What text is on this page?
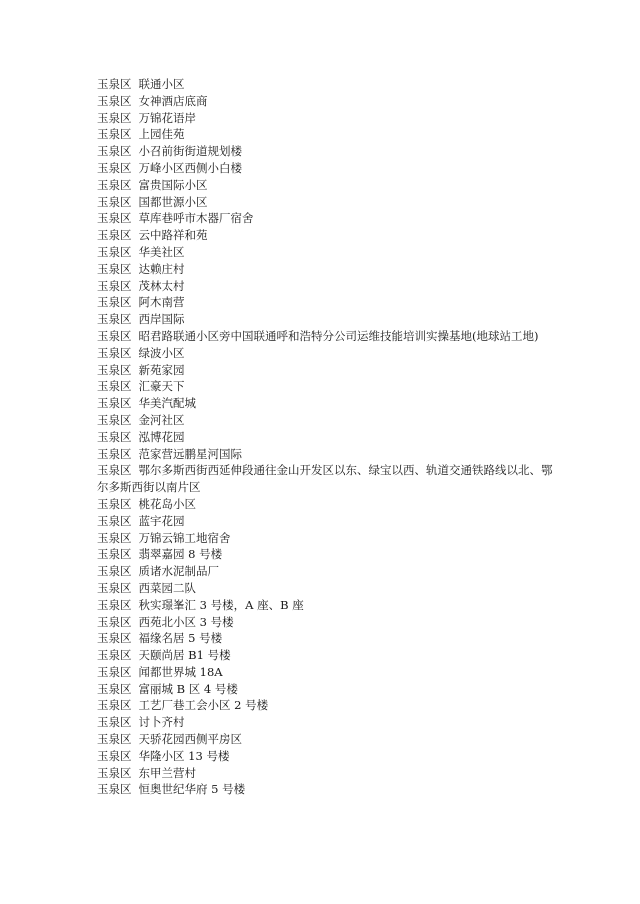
玉泉区 联通小区
玉泉区 女神酒店底商
玉泉区 万锦花语岸
玉泉区 上园佳苑
玉泉区 小召前街街道规划楼
玉泉区 万峰小区西侧小白楼
玉泉区 富贵国际小区
玉泉区 国都世源小区
玉泉区 草库巷呼市木器厂宿舍
玉泉区 云中路祥和苑
玉泉区 华美社区
玉泉区 达赖庄村
玉泉区 茂林太村
玉泉区 阿木南营
玉泉区 西岸国际
玉泉区 昭君路联通小区旁中国联通呼和浩特分公司运维技能培训实操基地(地球站工地)
玉泉区 绿波小区
玉泉区 新苑家园
玉泉区 汇豪天下
玉泉区 华美汽配城
玉泉区 金河社区
玉泉区 泓博花园
玉泉区 范家营远鹏星河国际
玉泉区 鄂尔多斯西街西延伸段通往金山开发区以东、绿宝以西、轨道交通铁路线以北、鄂尔多斯西街以南片区
玉泉区 桃花岛小区
玉泉区 蓝宇花园
玉泉区 万锦云锦工地宿舍
玉泉区 翡翠嘉园 8 号楼
玉泉区 质诸水泥制品厂
玉泉区 西菜园二队
玉泉区 秋实璟峯汇 3 号楼，A 座、B 座
玉泉区 西苑北小区 3 号楼
玉泉区 福缘名居 5 号楼
玉泉区 天颐尚居 B1 号楼
玉泉区 闻都世界城 18A
玉泉区 富丽城 B 区 4 号楼
玉泉区 工艺厂巷工会小区 2 号楼
玉泉区 讨卜齐村
玉泉区 天骄花园西侧平房区
玉泉区 华隆小区 13 号楼
玉泉区 东甲兰营村
玉泉区 恒奥世纪华府 5 号楼
